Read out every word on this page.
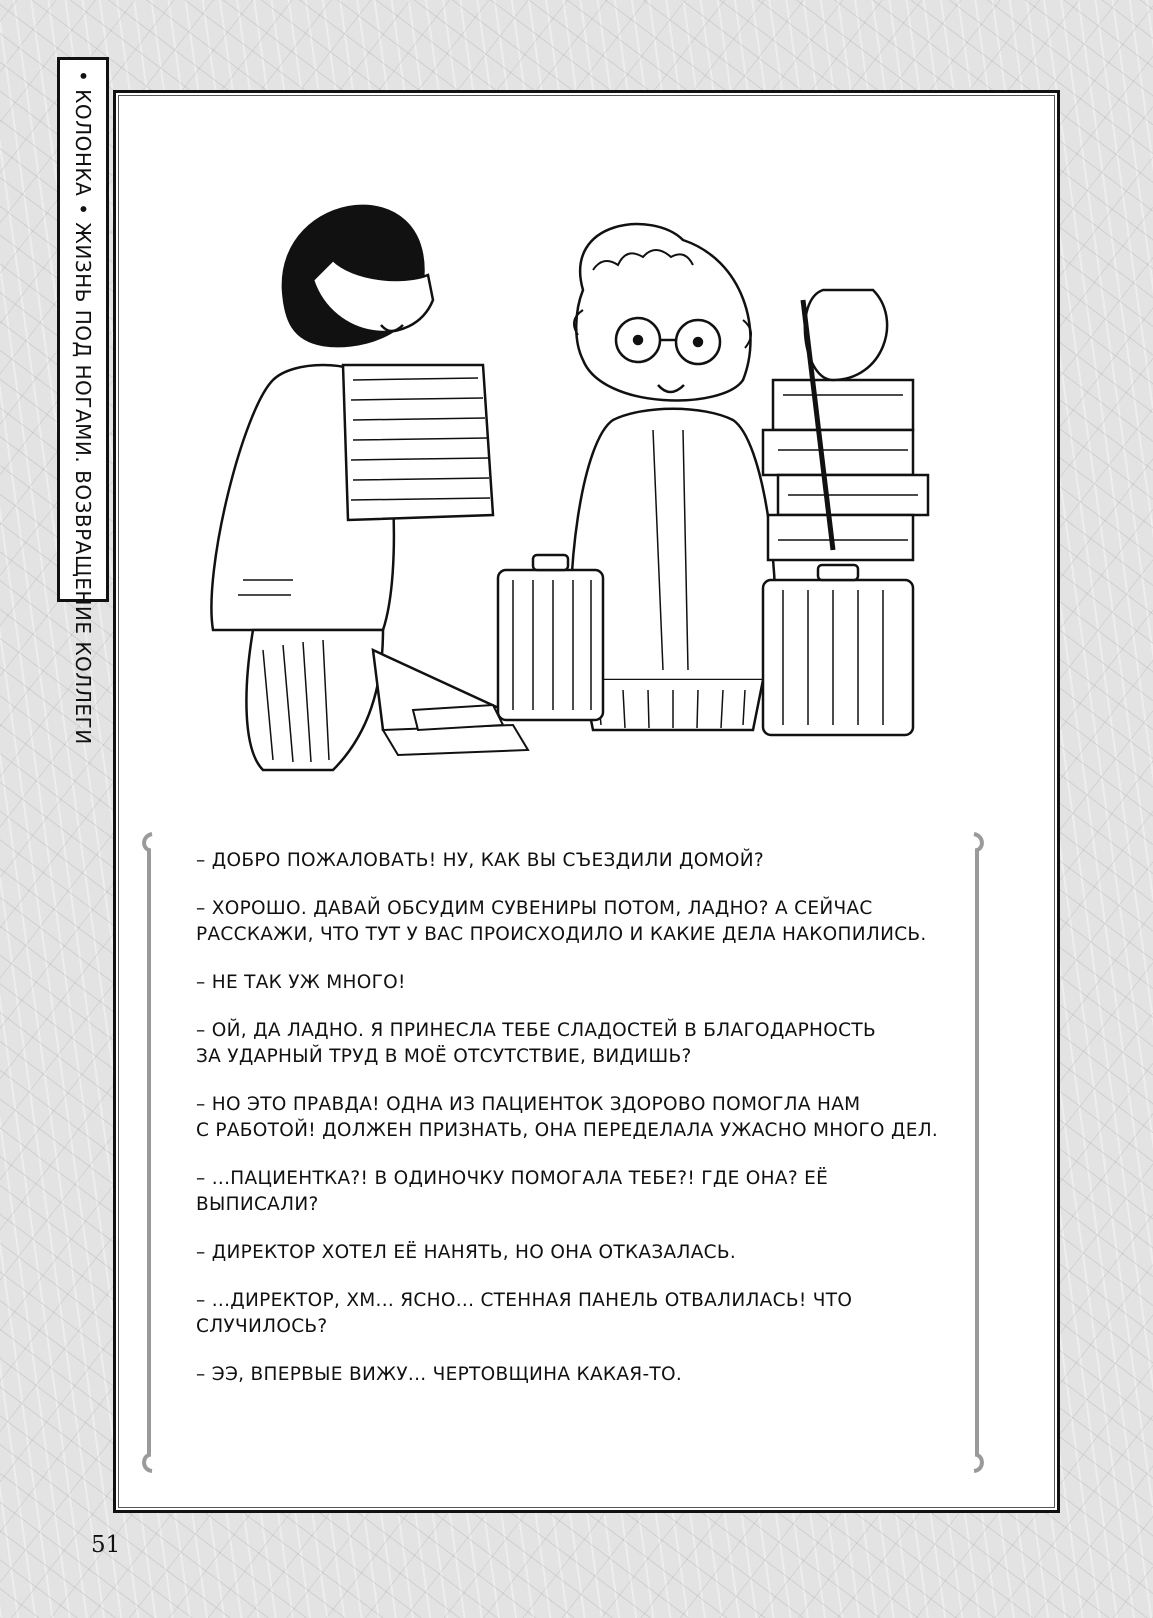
• КОЛОНКА • ЖИЗНЬ ПОД НОГАМИ. ВОЗВРАЩЕНИЕ КОЛЛЕГИ

– ДОБРО ПОЖАЛОВАТЬ! НУ, КАК ВЫ СЪЕЗДИЛИ ДОМОЙ?

– ХОРОШО. ДАВАЙ ОБСУДИМ СУВЕНИРЫ ПОТОМ, ЛАДНО? А СЕЙЧАС
РАССКАЖИ, ЧТО ТУТ У ВАС ПРОИСХОДИЛО И КАКИЕ ДЕЛА НАКОПИЛИСЬ.

– НЕ ТАК УЖ МНОГО!

– ОЙ, ДА ЛАДНО. Я ПРИНЕСЛА ТЕБЕ СЛАДОСТЕЙ В БЛАГОДАРНОСТЬ
ЗА УДАРНЫЙ ТРУД В МОЁ ОТСУТСТВИЕ, ВИДИШЬ?

– НО ЭТО ПРАВДА! ОДНА ИЗ ПАЦИЕНТОК ЗДОРОВО ПОМОГЛА НАМ
С РАБОТОЙ! ДОЛЖЕН ПРИЗНАТЬ, ОНА ПЕРЕДЕЛАЛА УЖАСНО МНОГО ДЕЛ.

– ...ПАЦИЕНТКА?! В ОДИНОЧКУ ПОМОГАЛА ТЕБЕ?! ГДЕ ОНА? ЕЁ ВЫПИСАЛИ?

– ДИРЕКТОР ХОТЕЛ ЕЁ НАНЯТЬ, НО ОНА ОТКАЗАЛАСЬ.

– ...ДИРЕКТОР, ХМ... ЯСНО... СТЕННАЯ ПАНЕЛЬ ОТВАЛИЛАСЬ! ЧТО СЛУЧИЛОСЬ?

– ЭЭ, ВПЕРВЫЕ ВИЖУ... ЧЕРТОВЩИНА КАКАЯ-ТО.

51
